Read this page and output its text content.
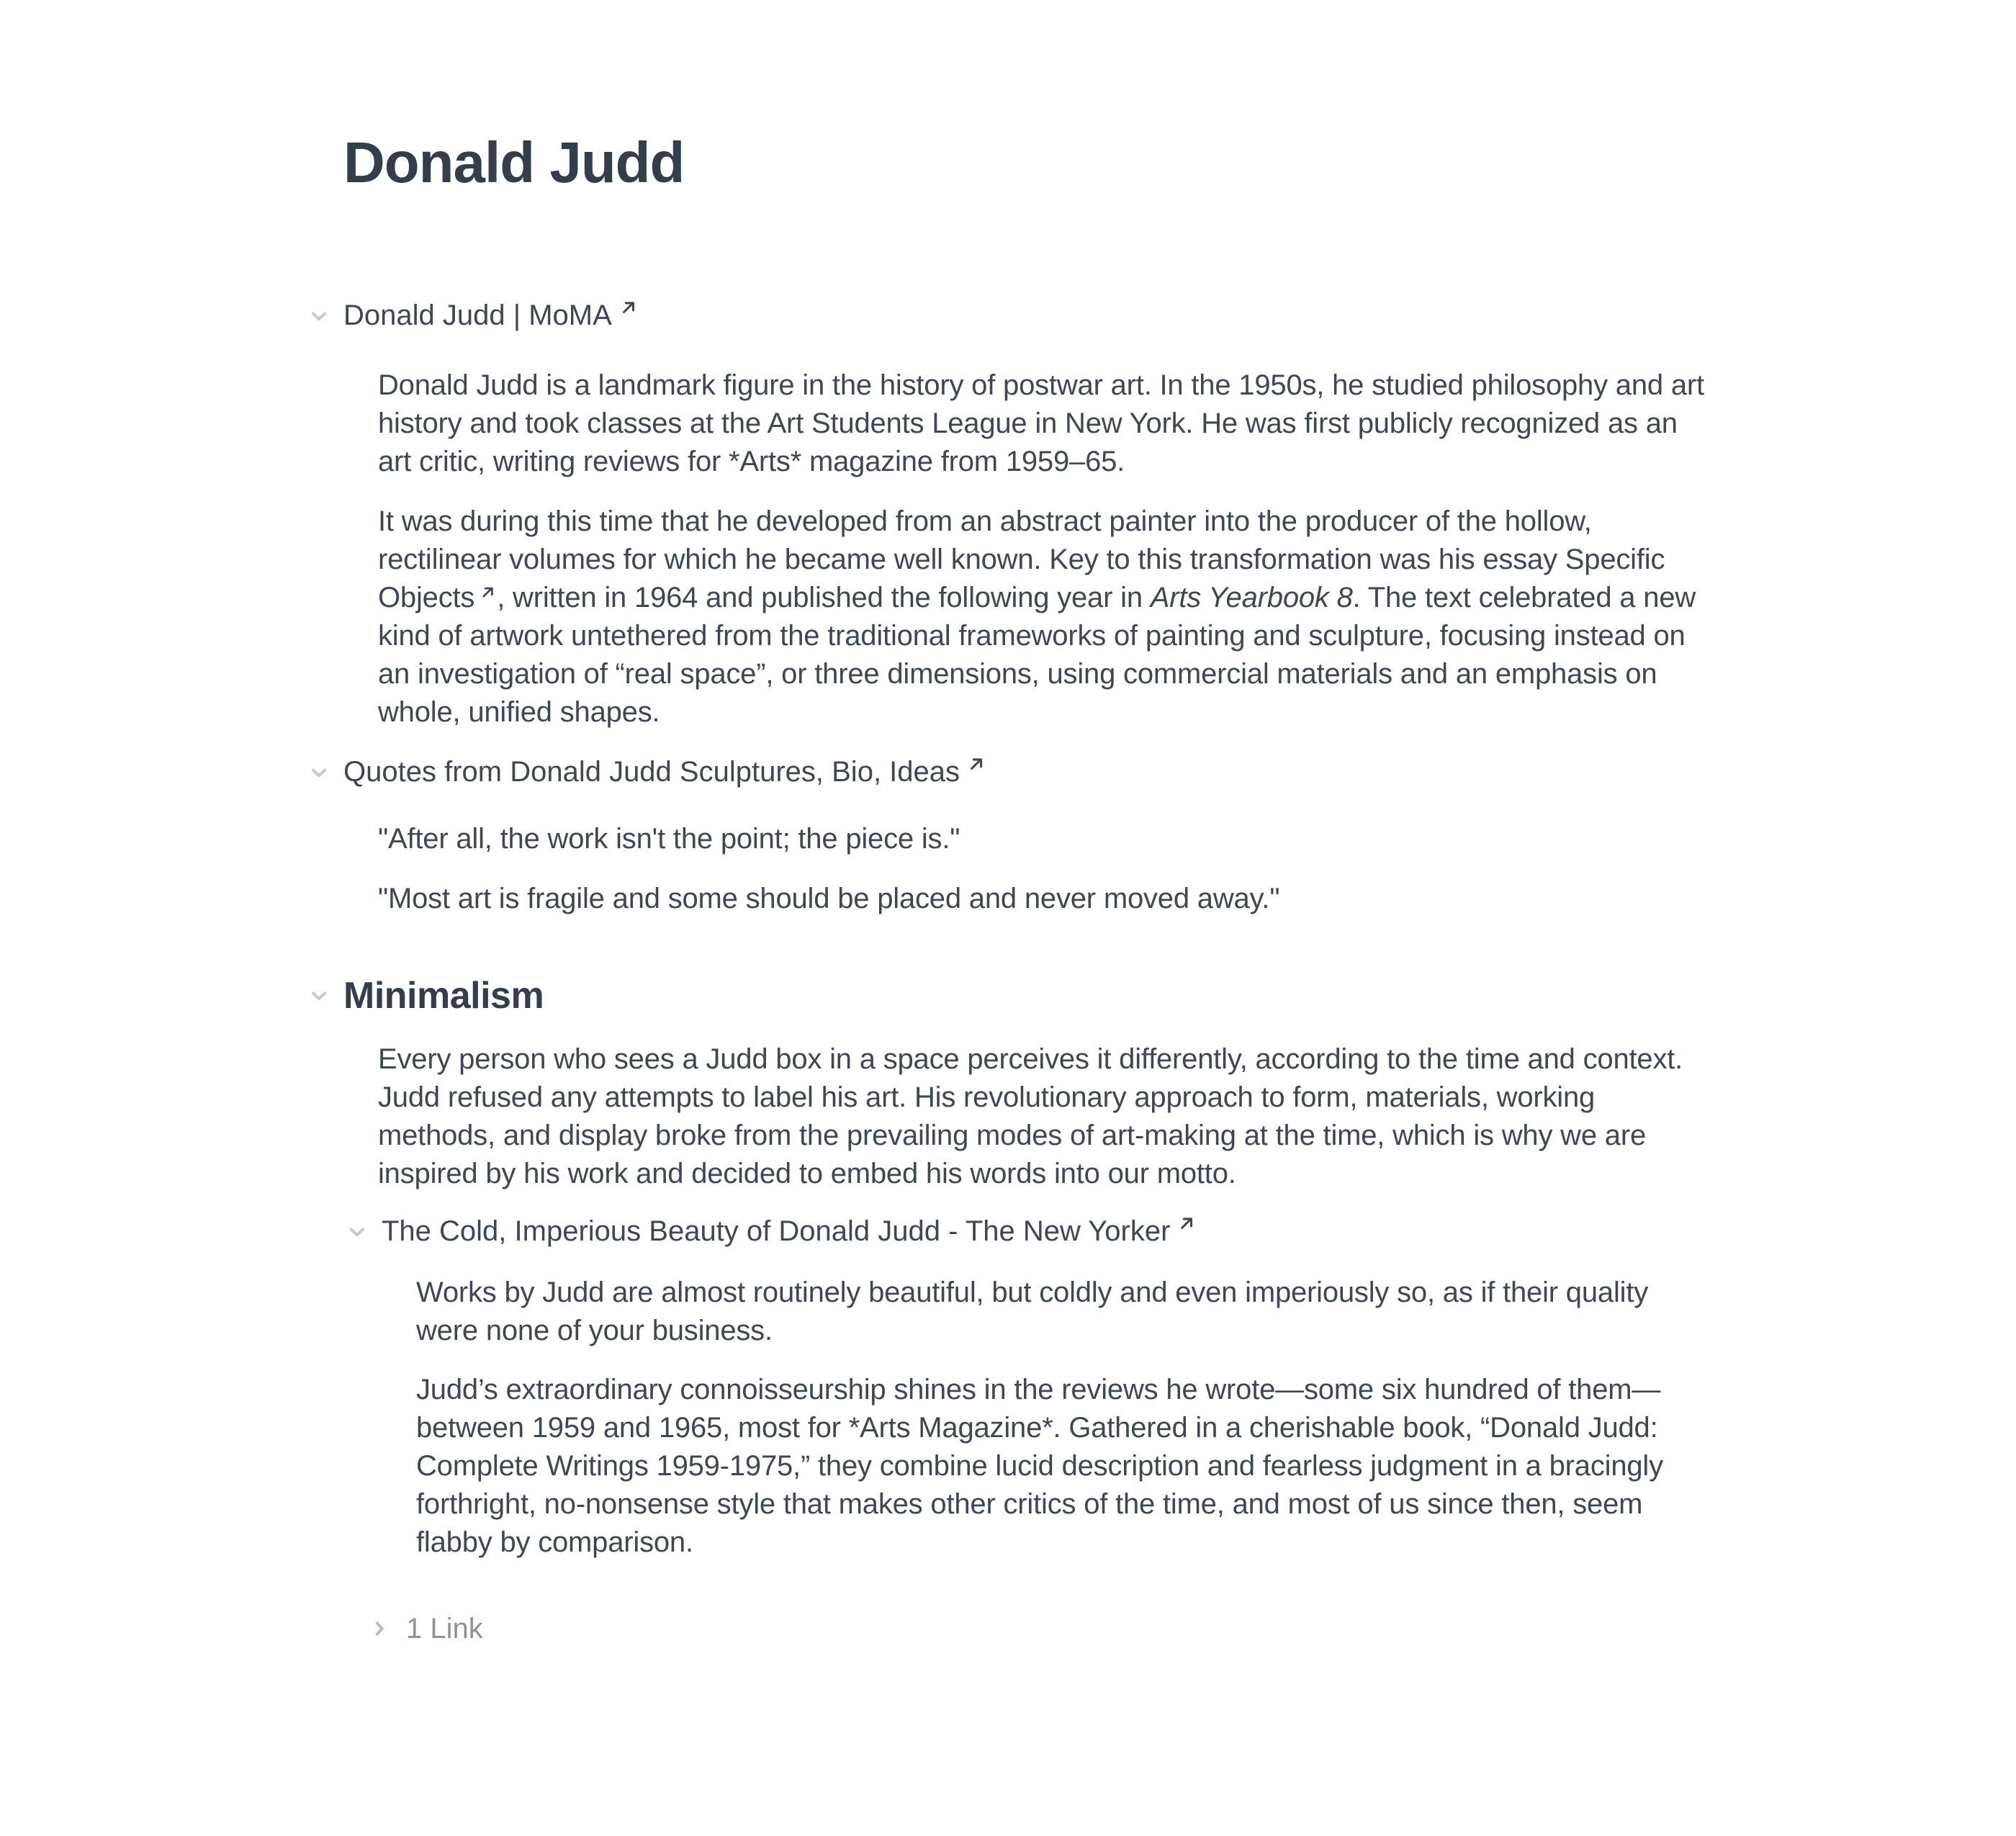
Donald Judd
Donald Judd | MoMA

Donald Judd is a landmark figure in the history of postwar art. In the 1950s, he studied philosophy and art history and took classes at the Art Students League in New York. He was first publicly recognized as an art critic, writing reviews for *Arts* magazine from 1959–65.

It was during this time that he developed from an abstract painter into the producer of the hollow, rectilinear volumes for which he became well known. Key to this transformation was his essay Specific Objects , written in 1964 and published the following year in Arts Yearbook 8. The text celebrated a new kind of artwork untethered from the traditional frameworks of painting and sculpture, focusing instead on an investigation of “real space”, or three dimensions, using commercial materials and an emphasis on whole, unified shapes.

Quotes from Donald Judd Sculptures, Bio, Ideas

"After all, the work isn't the point; the piece is."

"Most art is fragile and some should be placed and never moved away."

Minimalism

Every person who sees a Judd box in a space perceives it differently, according to the time and context. Judd refused any attempts to label his art. His revolutionary approach to form, materials, working methods, and display broke from the prevailing modes of art-making at the time, which is why we are inspired by his work and decided to embed his words into our motto.

The Cold, Imperious Beauty of Donald Judd - The New Yorker

Works by Judd are almost routinely beautiful, but coldly and even imperiously so, as if their quality were none of your business.

Judd’s extraordinary connoisseurship shines in the reviews he wrote—some six hundred of them—between 1959 and 1965, most for *Arts Magazine*. Gathered in a cherishable book, “Donald Judd: Complete Writings 1959-1975,” they combine lucid description and fearless judgment in a bracingly forthright, no-nonsense style that makes other critics of the time, and most of us since then, seem flabby by comparison.

1 Link
